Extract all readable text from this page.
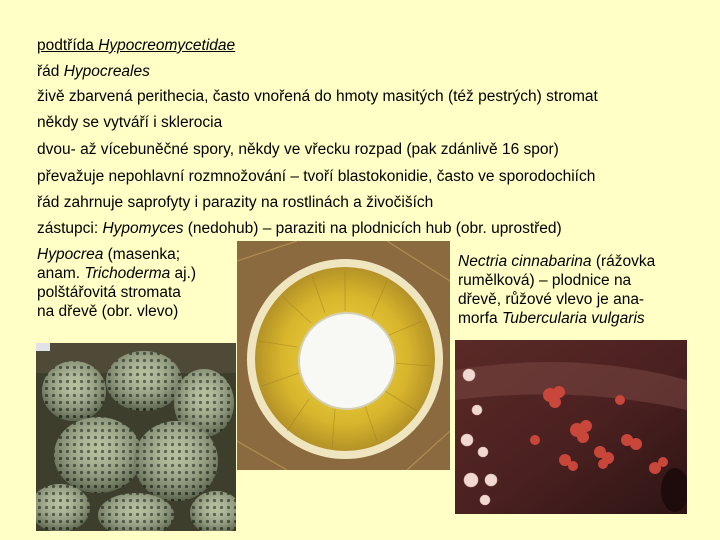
podtřída Hypocreomycetidae
řád Hypocreales
živě zbarvená perithecia, často vnořená do hmoty masitých (též pestrých) stromat
někdy se vytváří i sklerocia
dvou- až vícebuněčné spory, někdy ve vřecku rozpad (pak zdánlivě 16 spor)
převažuje nepohlavní rozmnožování – tvoří blastokonidie, často ve sporodochiích
řád zahrnuje saprofyty i parazity na rostlinách a živočiších
zástupci: Hypomyces (nedohub) – paraziti na plodnicích hub (obr. uprostřed)
Hypocrea (masenka;
anam. Trichoderma aj.)
polštářovitá stromata
na dřevě (obr. vlevo)
Nectria cinnabarina (rážovka
rumělková) – plodnice na
dřevě, růžové vlevo je ana-
morfa Tubercularia vulgaris
